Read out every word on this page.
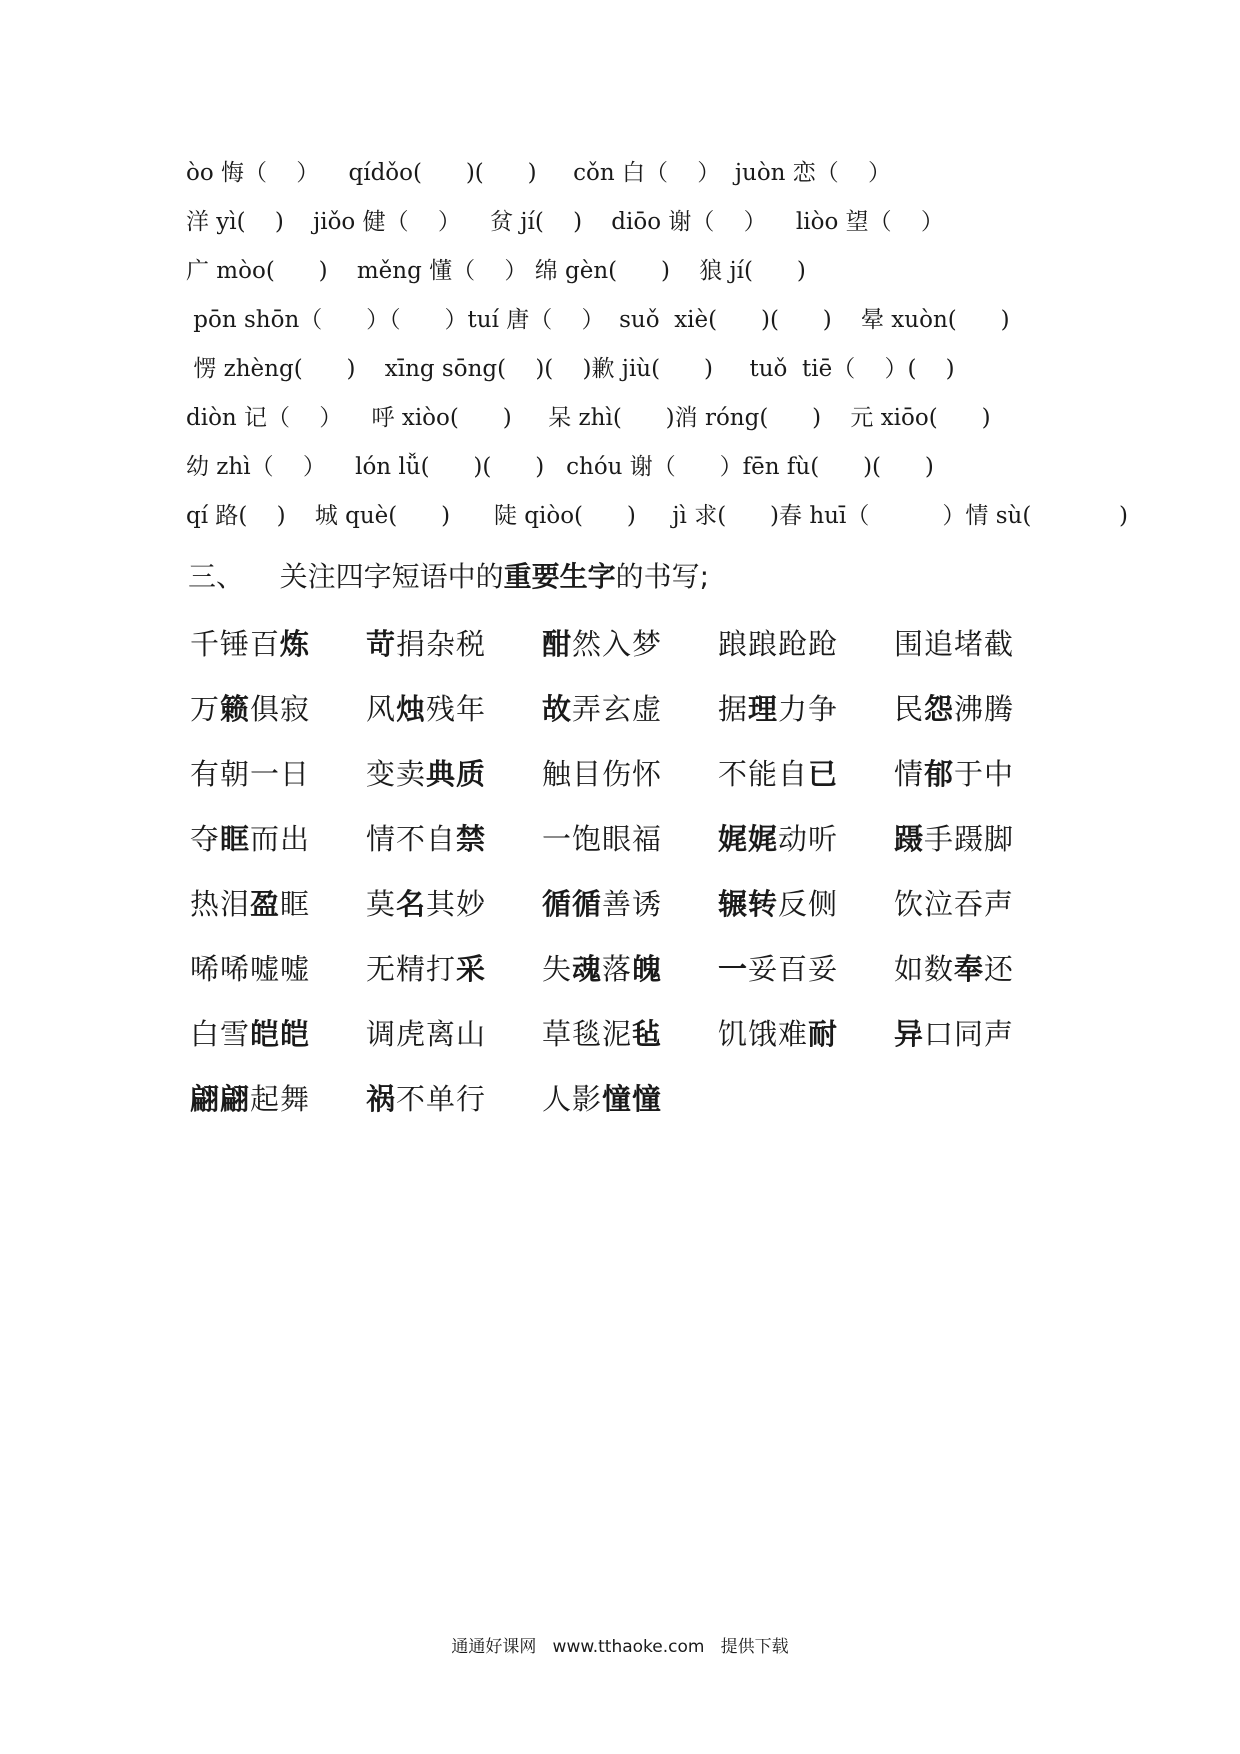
òo 悔（    ）    qídǒo(      )(      )     cǒn 白（    ）  juòn 恋（    ）
洋 yì(    )    jiǒo 健（    ）    贫 jí(    )    diōo 谢（    ）    liòo 望（    ）
广 mòo(      )    měng 懂（    ） 绵 gèn(      )    狼 jí(      )
pōn shōn（      ）（      ）tuí 唐（    ）  suǒ  xiè(      )(      )    晕 xuòn(      )
愣 zhèng(      )    xīng sōng(    )(    )歉 jiù(      )     tuǒ  tiē（    ）(    )
diòn 记（    ）    呼 xiòo(      )     呆 zhì(      )消 róng(      )    元 xiōo(      )
幼 zhì（    ）    lón lǚ(      )(      )   chóu 谢（      ）fēn fù(      )(      )
qí 路(    )    城 què(      )      陡 qiòo(      )     jì 求(      )春 huī（          ）情 sù(            )
三、    关注四字短语中的重要生字的书写;
千锤百炼 苛捐杂税 酣然入梦 踉踉跄跄 围追堵截
万籁俱寂 风烛残年 故弄玄虚 据理力争 民怨沸腾
有朝一日 变卖典质 触目伤怀 不能自已 情郁于中
夺眶而出 情不自禁 一饱眼福 娓娓动听 蹑手蹑脚
热泪盈眶 莫名其妙 循循善诱 辗转反侧 饮泣吞声
唏唏嘘嘘 无精打采 失魂落魄 一妥百妥 如数奉还
白雪皑皑 调虎离山 草毯泥毡 饥饿难耐 异口同声
翩翩起舞 祸不单行 人影憧憧
通通好课网   www.tthaoke.com   提供下载
